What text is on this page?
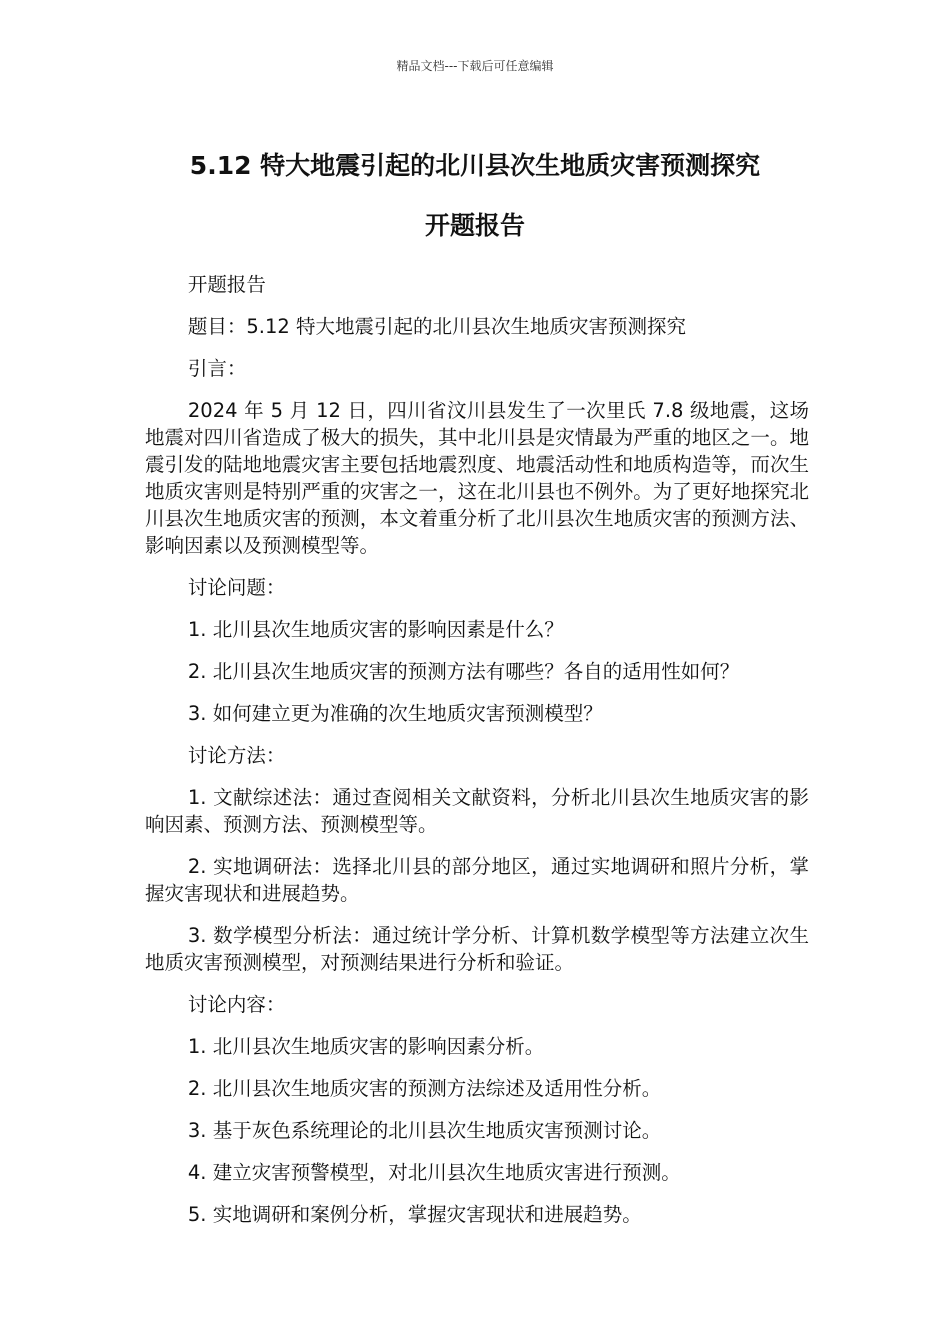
精品文档---下载后可任意编辑
5.12 特大地震引起的北川县次生地质灾害预测探究
开题报告

开题报告

题目：5.12 特大地震引起的北川县次生地质灾害预测探究

引言：

2024 年 5 月 12 日，四川省汶川县发生了一次里氏 7.8 级地震，这场地震对四川省造成了极大的损失，其中北川县是灾情最为严重的地区之一。地震引发的陆地地震灾害主要包括地震烈度、地震活动性和地质构造等，而次生地质灾害则是特别严重的灾害之一，这在北川县也不例外。为了更好地探究北川县次生地质灾害的预测，本文着重分析了北川县次生地质灾害的预测方法、影响因素以及预测模型等。

讨论问题：

1. 北川县次生地质灾害的影响因素是什么？

2. 北川县次生地质灾害的预测方法有哪些？各自的适用性如何？

3. 如何建立更为准确的次生地质灾害预测模型？

讨论方法：

1. 文献综述法：通过查阅相关文献资料，分析北川县次生地质灾害的影响因素、预测方法、预测模型等。

2. 实地调研法：选择北川县的部分地区，通过实地调研和照片分析，掌握灾害现状和进展趋势。

3. 数学模型分析法：通过统计学分析、计算机数学模型等方法建立次生地质灾害预测模型，对预测结果进行分析和验证。

讨论内容：

1. 北川县次生地质灾害的影响因素分析。

2. 北川县次生地质灾害的预测方法综述及适用性分析。

3. 基于灰色系统理论的北川县次生地质灾害预测讨论。

4. 建立灾害预警模型，对北川县次生地质灾害进行预测。

5. 实地调研和案例分析，掌握灾害现状和进展趋势。
